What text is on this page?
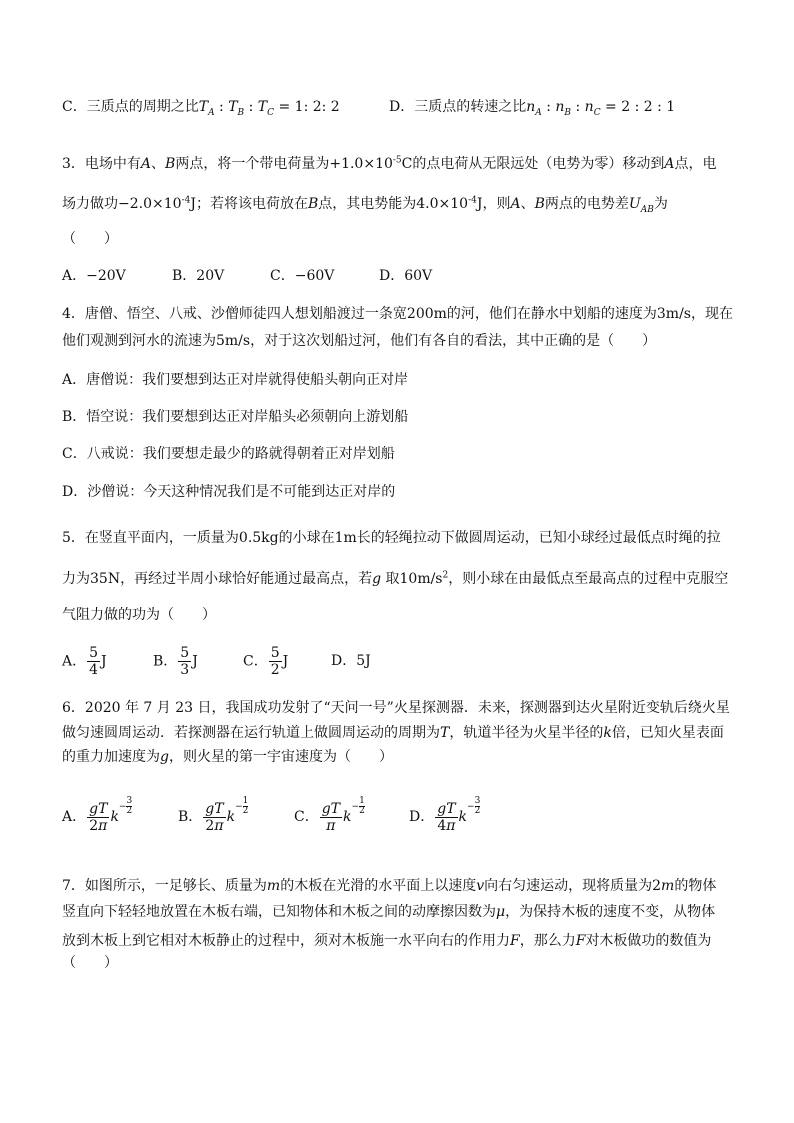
C．三质点的周期之比$T_A$ : $T_B$ : $T_C = 1$: 2: 2	D．三质点的转速之比$n_A$ : $n_B$ : $n_C = 2$ : 2 : 1
3．电场中有A、B两点，将一个带电荷量为$+1.0\times 10^{-5}C$的点电荷从无限远处（电势为零）移动到A点，电
场力做功$-2.0\times 10^{-4}J$；若将该电荷放在B点，其电势能为$4.0\times 10^{-4}J$，则A、B两点的电势差$U_{AB}$为
（　　）
A．−20V	B．20V	C．−60V	D．60V
4．唐僧、悟空、八戒、沙僧师徒四人想划船渡过一条宽200m的河，他们在静水中划船的速度为3m/s，现在
他们观测到河水的流速为5m/s，对于这次划船过河，他们有各自的看法，其中正确的是（　　）
A．唐僧说：我们要想到达正对岸就得使船头朝向正对岸
B．悟空说：我们要想到达正对岸船头必须朝向上游划船
C．八戒说：我们要想走最少的路就得朝着正对岸划船
D．沙僧说：今天这种情况我们是不可能到达正对岸的
5．在竖直平面内，一质量为0.5kg的小球在1m长的轻绳拉动下做圆周运动，已知小球经过最低点时绳的拉
力为35N，再经过半周小球恰好能通过最高点，若g 取$10m/s^2$，则小球在由最低点至最高点的过程中克服空
气阻力做的功为（　　）
A． $\frac{5}{4}$ J	B． $\frac{5}{3}$ J	C． $\frac{5}{2}$ J	D．5J
6．2020 年 7 月 23 日，我国成功发射了“天问一号”火星探测器．未来，探测器到达火星附近变轨后绕火星
做匀速圆周运动．若探测器在运行轨道上做圆周运动的周期为T，轨道半径为火星半径的k倍，已知火星表面
的重力加速度为g，则火星的第一宇宙速度为（　　）
A． $\frac{gT}{2\pi} k- \frac{3}{2}$
B． $\frac{gT}{2\pi} k- \frac{1}{2}$
C． $\frac{gT}{\pi} k- \frac{1}{2}$
D． $\frac{gT}{4\pi} k- \frac{3}{2}$
7．如图所示，一足够长、质量为m的木板在光滑的水平面上以速度v向右匀速运动，现将质量为2m的物体
竖直向下轻轻地放置在木板右端，已知物体和木板之间的动摩擦因数为μ，为保持木板的速度不变，从物体
放到木板上到它相对木板静止的过程中，须对木板施一水平向右的作用力F，那么力F对木板做功的数值为
（　　）
